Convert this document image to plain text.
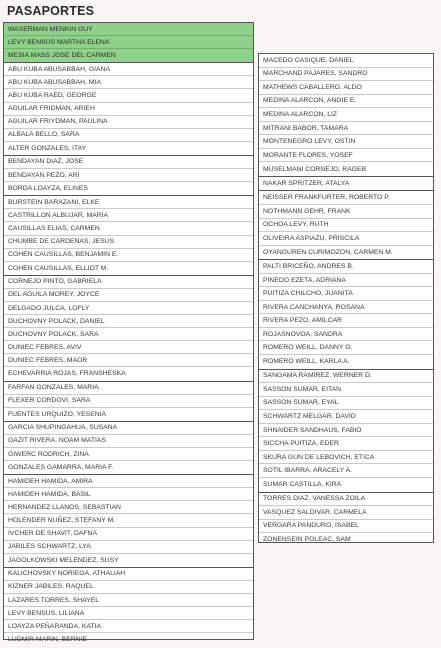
PASAPORTES
WASERMAN MENKIN GUY
LEVY BENSUS MARTHA ELENA
MESIA MASS JOSE DEL CARMEN
ABU KUBA ABUSABBAH, GIANA
ABU KUBA ABUSABBAH, MIA
ABU KUBA RAED, GEORGE
AGUILAR FRIDMAN, ARIEH
AGUILAR FRIYDMAN, PAULINA
ALBALA BELLO, SARA
ALTER GONZALES, ITAY
BENDAYAN DIAZ, JOSE
BENDAYAN PEZO, ARI
BORDA LOAYZA, ELINES
BURSTEIN BARAZANI, ELKE
CASTRILLON ALBUJAR, MARIA
CAUSILLAS ELIAS, CARMEN
CHUMBE DE CARDENAS, JESUS
COHEN CAUSILLAS, BENJAMIN E.
COHEN CAUSILLAS, ELLIOT M.
CORNEJO PINTO, GABRIELA
DEL AGUILA MOREY, JOYCE
DELGADO JULCA, LOFLY
DUCHOVNY POLACK, DANIEL
DUCHOVNY POLACK, SARA
DUNIEC FEBRES, AVIV
DUNIEC FEBRES, MAOR
ECHEVARRIA ROJAS, FRANSHESKA
FARFAN GONZALES, MARIA
FLEXER CORDOVI, SARA
FUENTES URQUIZO, YESENIA
GARCIA SHUPINGAHUA, SUSANA
GAZIT RIVERA, NOAM MATIAS
GIWERC RODRICH, ZINA
GONZALES GAMARRA, MARIA F.
HAMIDEH HAMIDA, AMIRA
HAMIDEH HAMIDA, BASIL
HERNANDEZ LLANOS, SEBASTIAN
HOLENDER NUÑEZ, STEFANY M.
IVCHER DE SHAVIT, DAFNA
JABILES SCHWARTZ, LYA
JAGOLKOWSKI MELENDEZ, SUSY
KALICHOVSKY NORIEGA, ATHALIAH
KIZNER JABILES, RAQUEL
LAZARES TORRES, SHAYEL
LEVY BENSUS, LILIANA
LOAYZA PEÑARANDA, KATIA
LUDMIR MARIN, BERNIE
MACEDO CASIQUE, DANIEL
MARCHAND PAJARES, SANDRO
MATHEWS CABALLERO, ALDO
MEDINA ALARCON, ANGIE E.
MEDINA ALARCON, LIZ
MITRANI BABOR, TAMARA
MONTENEGRO LEVY, OSTIN
MORANTE FLORES, YOSEF
MUSELMANI CORNEJO, RAGEB
NAKAR SPRITZER, ATALYA
NEISSER FRANKFURTER, ROBERTO P.
NOTHMANN GEHR, FRANK
OCHOA LEVY, RUTH
OLIVEIRA ASPIAZU, PRISCILA
OYANGUREN CURIMOZON, CARMEN M.
PALTI BRICEÑO, ANDRES B.
PINEDO EZETA, ADRIANA
PUITIZA CHILCHO, JUANITA
RIVERA CANCHANYA, ROSANA
RIVERA PEZO, AMILCAR
ROJASNOVOA, SANDRA
ROMERO WEILL, DANNY G.
ROMERO WEILL, KARLA A.
SANGAMA RAMIREZ, WERNER D.
SASSON SUMAR, EITAN
SASSON SUMAR, EYAL
SCHWARTZ MELGAR, DAVID
SHNAIDER SANDHAUS, FABIO
SICCHA PUITIZA, EDER
SKURA GUN DE LEBOVICH, ETICA
SOTIL IBARRA, ARACELY A.
SUMAR CASTILLA, KIRA
TORRES DIAZ, VANESSA ZOILA
VASQUEZ SALDIVAR, CARMELA
VERGARA PANDURO, ISABEL
ZONENSEIN POLEAC, SAM
